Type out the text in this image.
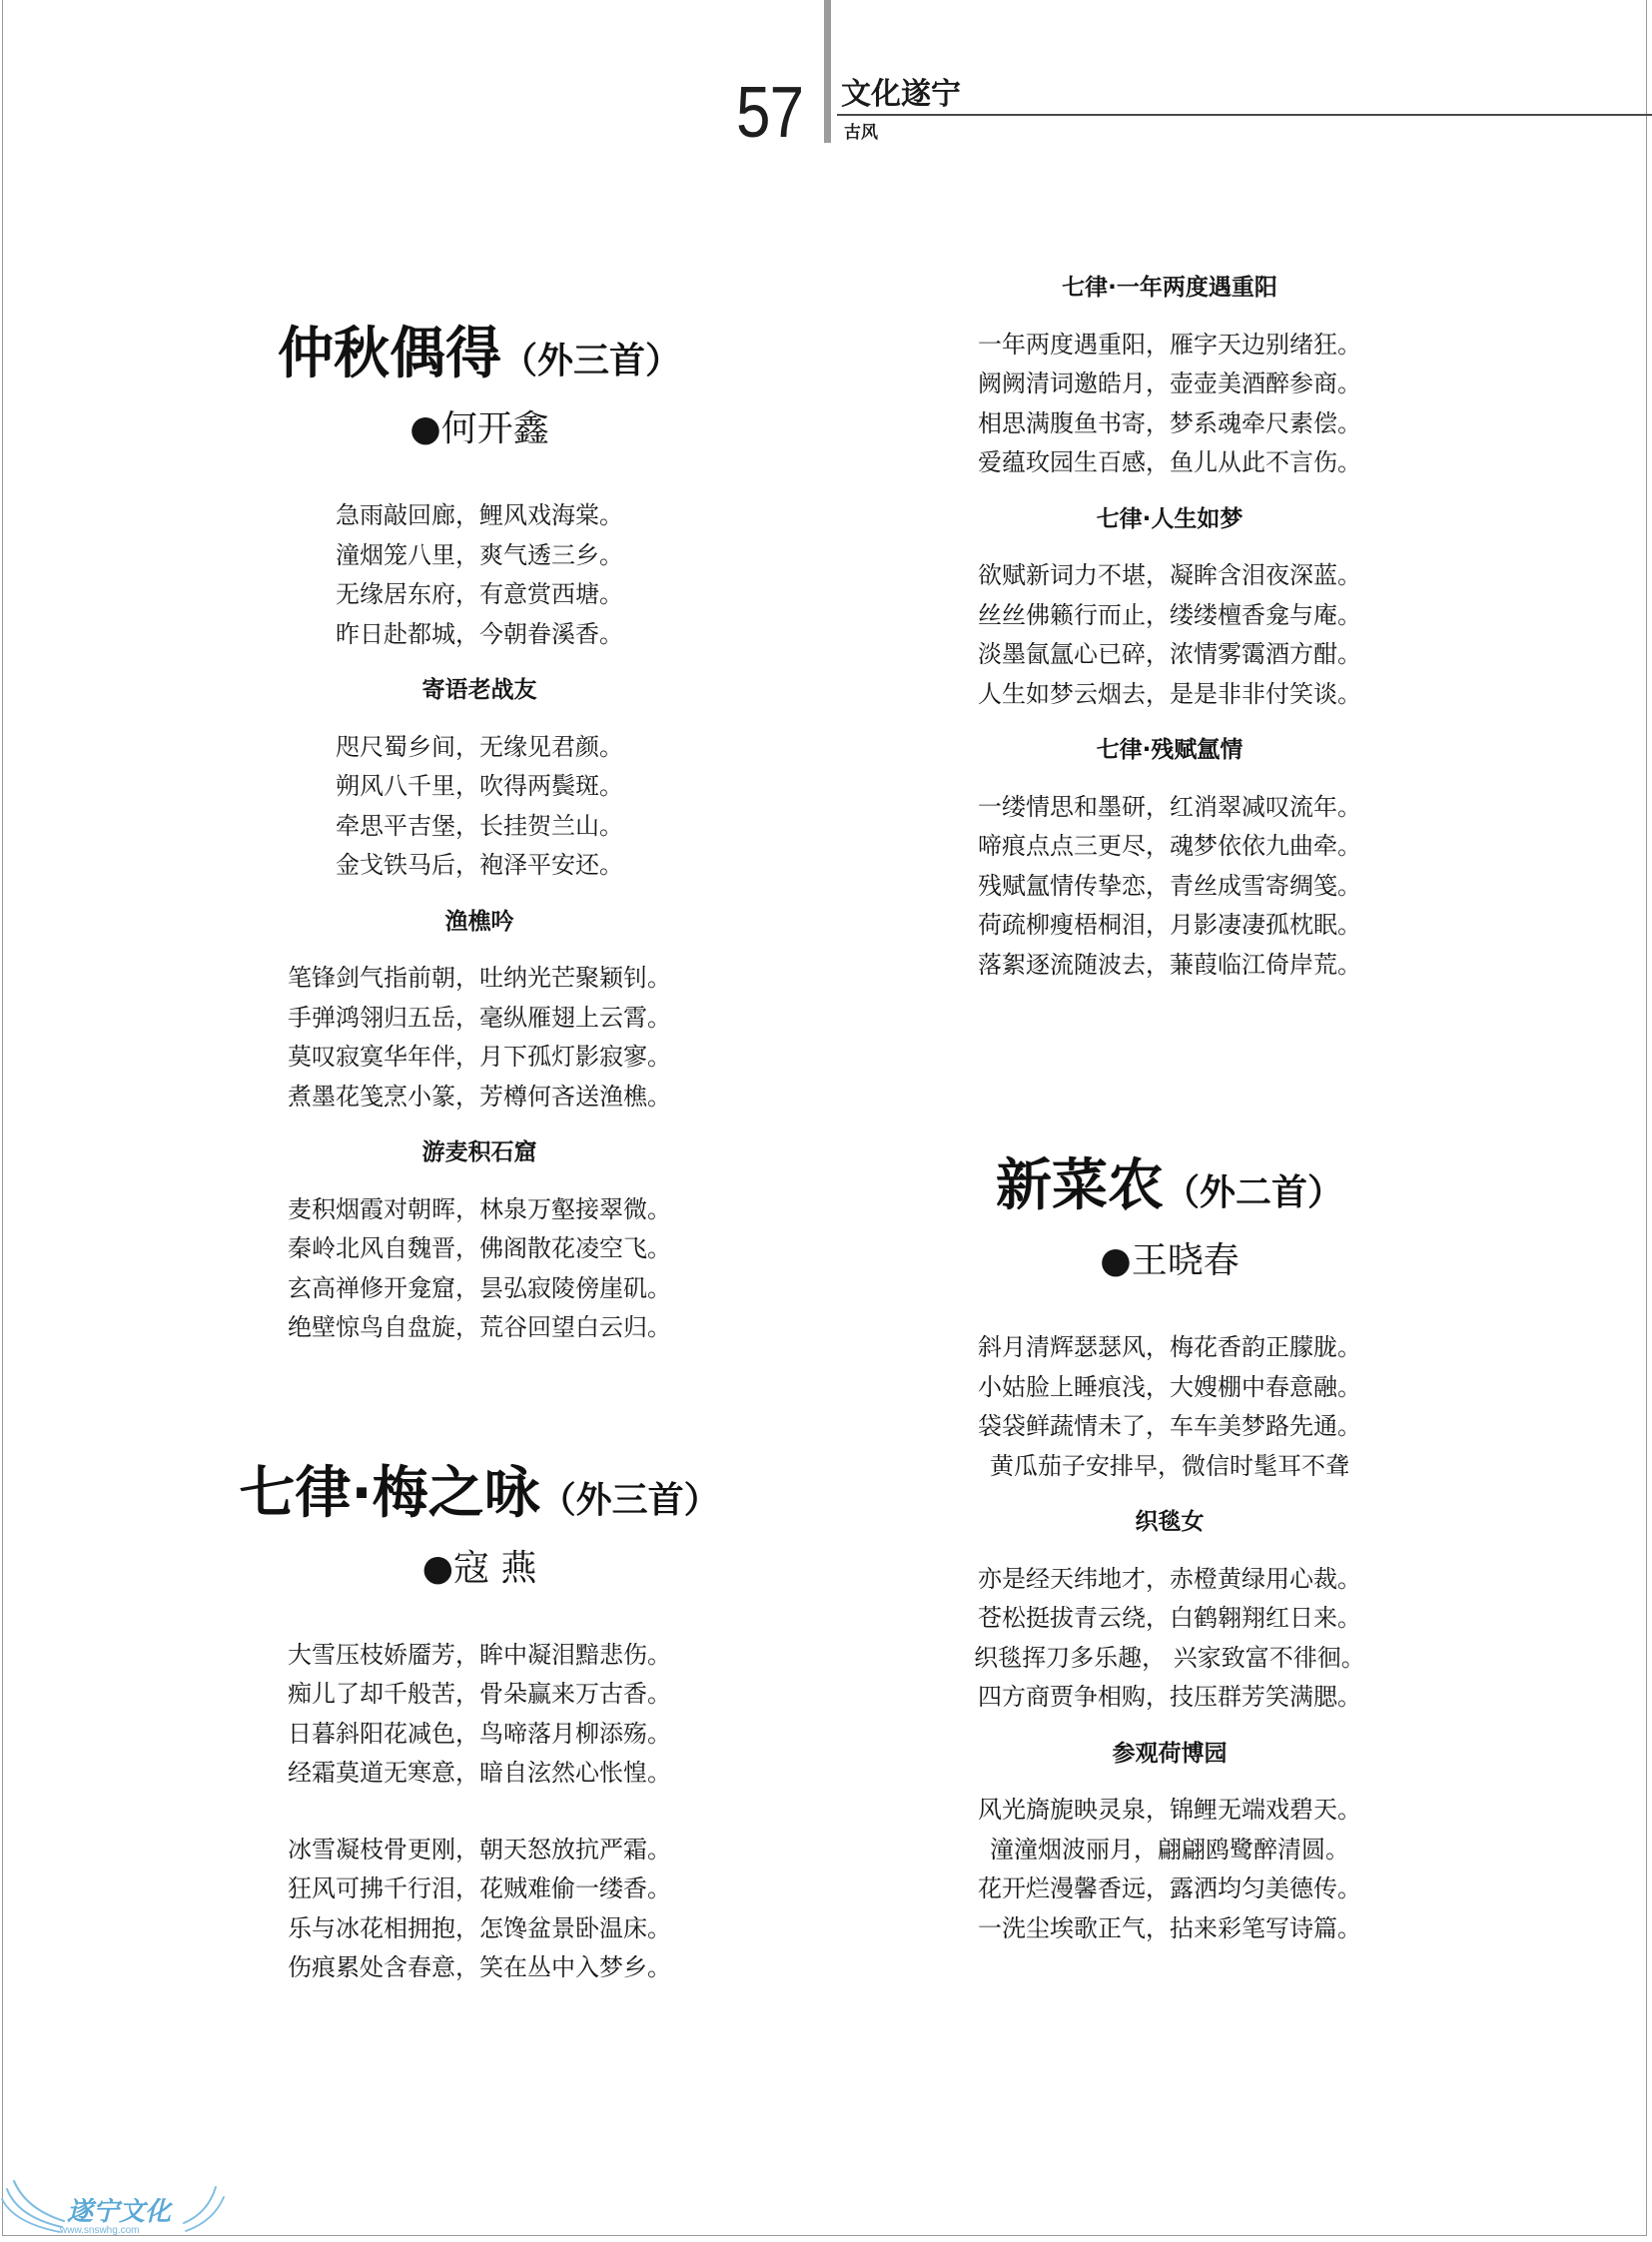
57 文化遂宁
古风
仲秋偶得（外三首）
●何开鑫
急雨敲回廊，鲤风戏海棠。
潼烟笼八里，爽气透三乡。
无缘居东府，有意赏西塘。
昨日赴都城，今朝眷溪香。
寄语老战友
咫尺蜀乡间，无缘见君颜。
朔风八千里，吹得两鬓斑。
牵思平吉堡，长挂贺兰山。
金戈铁马后，袍泽平安还。
渔樵吟
笔锋剑气指前朝，吐纳光芒聚颖钊。
手弹鸿翎归五岳，毫纵雁翅上云霄。
莫叹寂寞华年伴，月下孤灯影寂寥。
煮墨花笺烹小篆，芳樽何吝送渔樵。
游麦积石窟
麦积烟霞对朝晖，林泉万壑接翠微。
秦岭北风自魏晋，佛阁散花凌空飞。
玄高禅修开龛窟，昙弘寂陵傍崖矶。
绝壁惊鸟自盘旋，荒谷回望白云归。
七律·梅之咏（外三首）
●寇 燕
大雪压枝娇靥芳，眸中凝泪黯悲伤。
痴儿了却千般苦，骨朵赢来万古香。
日暮斜阳花减色，鸟啼落月柳添殇。
经霜莫道无寒意，暗自泫然心怅惶。
冰雪凝枝骨更刚，朝天怒放抗严霜。
狂风可拂千行泪，花贼难偷一缕香。
乐与冰花相拥抱，怎馋盆景卧温床。
伤痕累处含春意，笑在丛中入梦乡。
七律·一年两度遇重阳
一年两度遇重阳，雁字天边别绪狂。
阙阙清词邀皓月，壶壶美酒醉参商。
相思满腹鱼书寄，梦系魂牵尺素偿。
爱蕴玫园生百感，鱼儿从此不言伤。
七律·人生如梦
欲赋新词力不堪，凝眸含泪夜深蓝。
丝丝佛籁行而止，缕缕檀香龛与庵。
淡墨氤氲心已碎，浓情雾霭酒方酣。
人生如梦云烟去，是是非非付笑谈。
七律·残赋氲情
一缕情思和墨研，红消翠减叹流年。
啼痕点点三更尽，魂梦依依九曲牵。
残赋氲情传挚恋，青丝成雪寄绸笺。
荷疏柳瘦梧桐泪，月影凄凄孤枕眠。
落絮逐流随波去，蒹葭临江倚岸荒。
新菜农（外二首）
●王晓春
斜月清辉瑟瑟风，梅花香韵正朦胧。
小姑脸上睡痕浅，大嫂棚中春意融。
袋袋鲜蔬情未了，车车美梦路先通。
黄瓜茄子安排早，微信时髦耳不聋
织毯女
亦是经天纬地才，赤橙黄绿用心裁。
苍松挺拔青云绕，白鹤翱翔红日来。
织毯挥刀多乐趣， 兴家致富不徘徊。
四方商贾争相购，技压群芳笑满腮。
参观荷博园
风光旖旎映灵泉，锦鲤无端戏碧天。
潼潼烟波丽月，翩翩鸥鹭醉清圆。
花开烂漫馨香远，露洒均匀美德传。
一洗尘埃歌正气，拈来彩笔写诗篇。
遂宁文化
www.snswhg.com
